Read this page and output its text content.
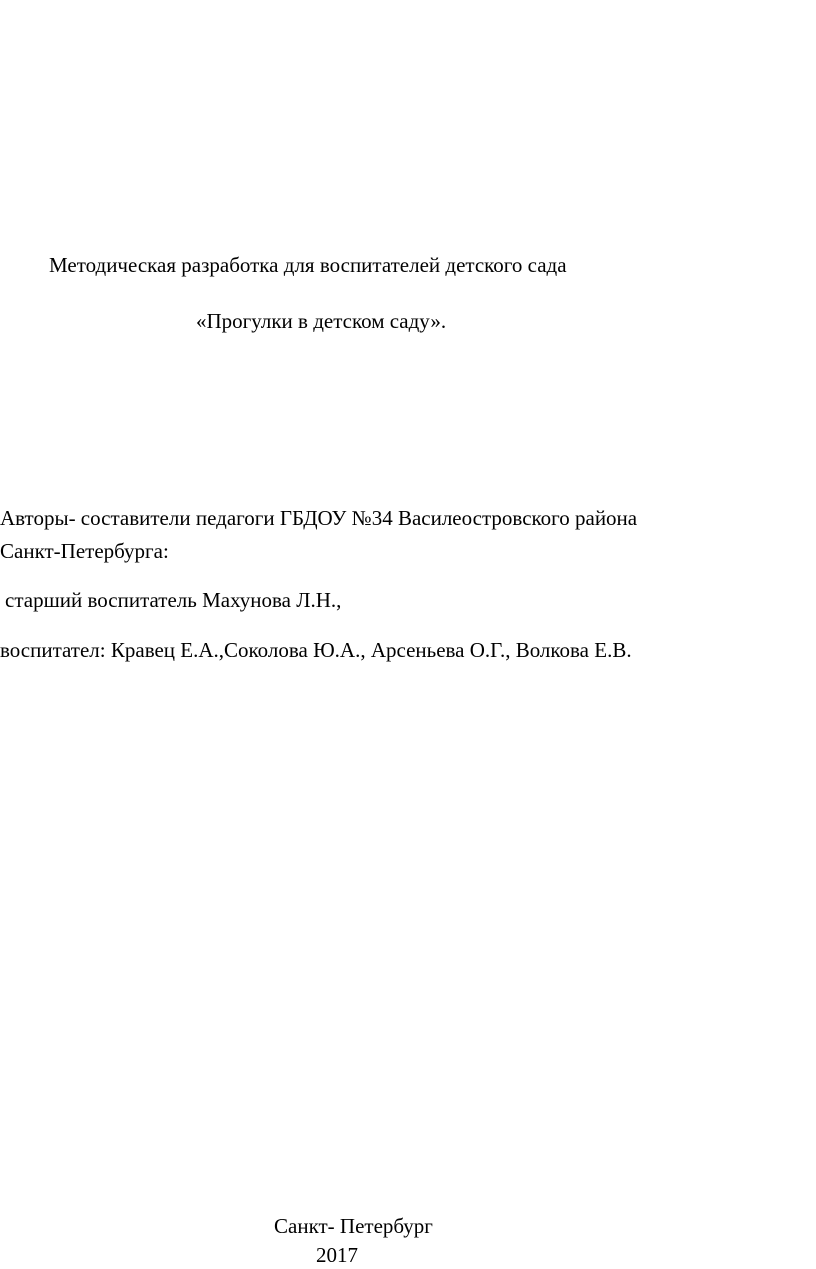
Методическая разработка для воспитателей детского сада
«Прогулки в детском саду».
Авторы- составители педагоги ГБДОУ №34 Василеостровского района
Санкт-Петербурга:
старший воспитатель Махунова Л.Н.,
воспитател: Кравец Е.А.,Соколова Ю.А., Арсеньева О.Г., Волкова Е.В.
Санкт- Петербург
2017
